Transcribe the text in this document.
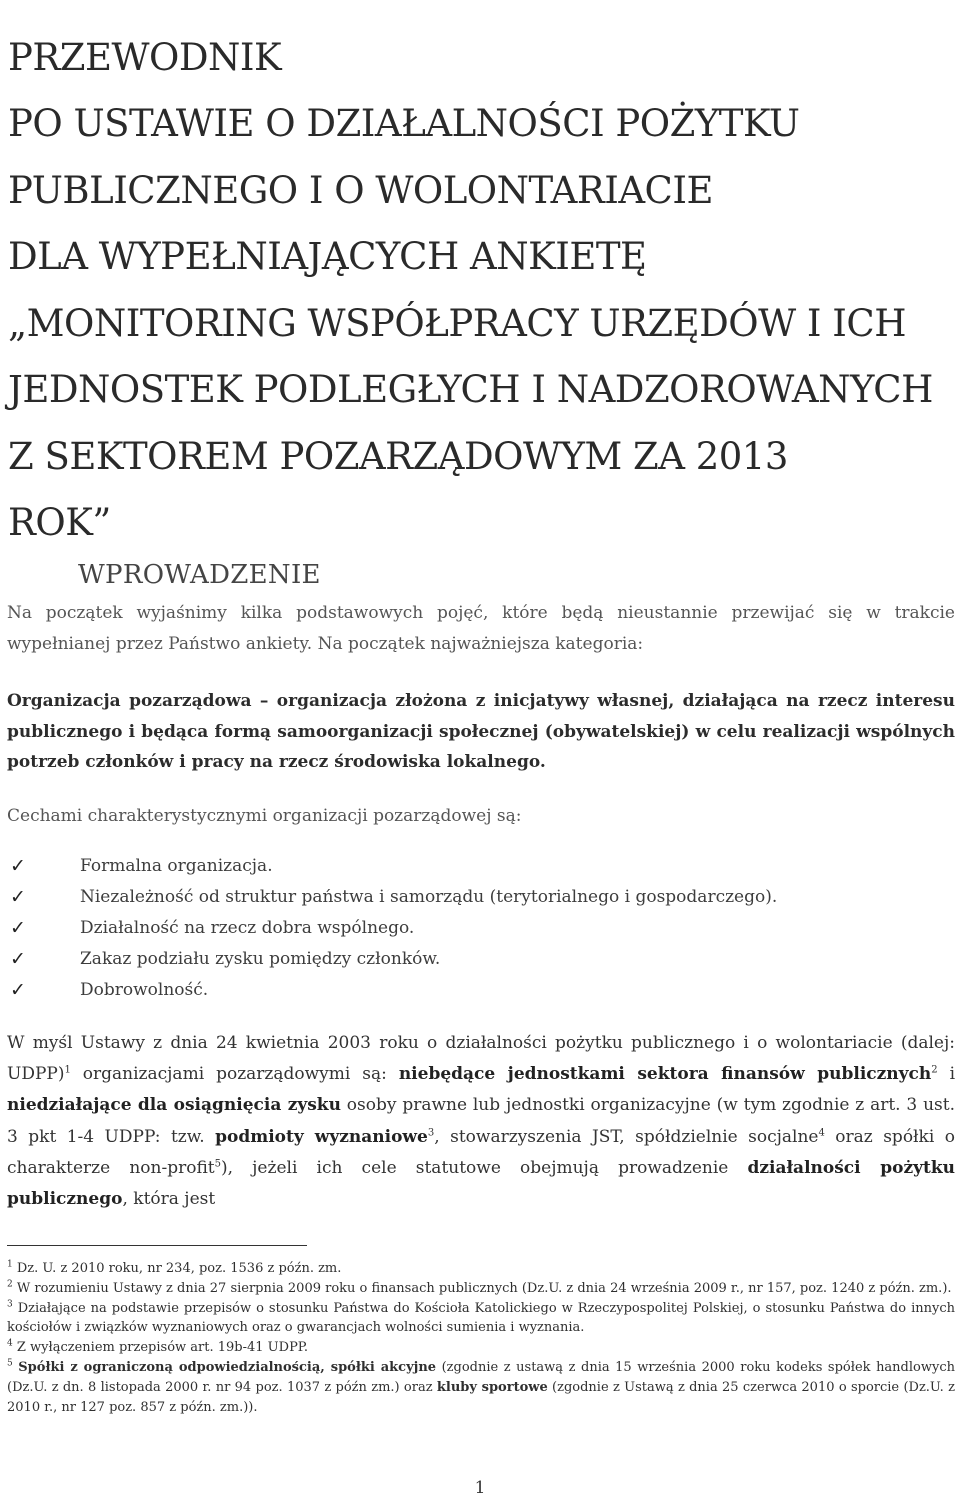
PRZEWODNIK
PO USTAWIE O DZIAŁALNOŚCI POŻYTKU
PUBLICZNEGO I O WOLONTARIACIE
DLA WYPEŁNIAJĄCYCH ANKIETĘ
„MONITORING WSPÓŁPRACY URZĘDÓW I ICH
JEDNOSTEK PODLEGŁYCH I NADZOROWANYCH
Z SEKTOREM POZARZĄDOWYM ZA 2013
ROK”
WPROWADZENIE

Na początek wyjaśnimy kilka podstawowych pojęć, które będą nieustannie przewijać się w trakcie wypełnianej przez Państwo ankiety. Na początek najważniejsza kategoria:

Organizacja pozarządowa – organizacja złożona z inicjatywy własnej, działająca na rzecz interesu publicznego i będąca formą samoorganizacji społecznej (obywatelskiej) w celu realizacji wspólnych potrzeb członków i pracy na rzecz środowiska lokalnego.

Cechami charakterystycznymi organizacji pozarządowej są:

✓	Formalna organizacja.
✓	Niezależność od struktur państwa i samorządu (terytorialnego i gospodarczego).
✓	Działalność na rzecz dobra wspólnego.
✓	Zakaz podziału zysku pomiędzy członków.
✓	Dobrowolność.

W myśl Ustawy z dnia 24 kwietnia 2003 roku o działalności pożytku publicznego i o wolontariacie (dalej: UDPP)$^1$ organizacjami pozarządowymi są: niebędące jednostkami sektora finansów publicznych$^2$ i niedziałające dla osiągnięcia zysku osoby prawne lub jednostki organizacyjne (w tym zgodnie z art. 3 ust. 3 pkt 1-4 UDPP: tzw. podmioty wyznaniowe$^3$, stowarzyszenia JST, spółdzielnie socjalne$^4$ oraz spółki o charakterze non-profit$^5$), jeżeli ich cele statutowe obejmują prowadzenie działalności pożytku publicznego, która jest

$^1$ Dz. U. z 2010 roku, nr 234, poz. 1536 z późn. zm.

$^2$ W rozumieniu Ustawy z dnia 27 sierpnia 2009 roku o finansach publicznych (Dz.U. z dnia 24 września 2009 r., nr 157, poz. 1240 z późn. zm.).

$^3$ Działające na podstawie przepisów o stosunku Państwa do Kościoła Katolickiego w Rzeczypospolitej Polskiej, o stosunku Państwa do innych kościołów i związków wyznaniowych oraz o gwarancjach wolności sumienia i wyznania.

$^4$ Z wyłączeniem przepisów art. 19b-41 UDPP.

$^5$ Spółki z ograniczoną odpowiedzialnością, spółki akcyjne (zgodnie z ustawą z dnia 15 września 2000 roku kodeks spółek handlowych (Dz.U. z dn. 8 listopada 2000 r. nr 94 poz. 1037 z późn zm.) oraz kluby sportowe (zgodnie z Ustawą z dnia 25 czerwca 2010 o sporcie (Dz.U. z 2010 r., nr 127 poz. 857 z późn. zm.)).

1
